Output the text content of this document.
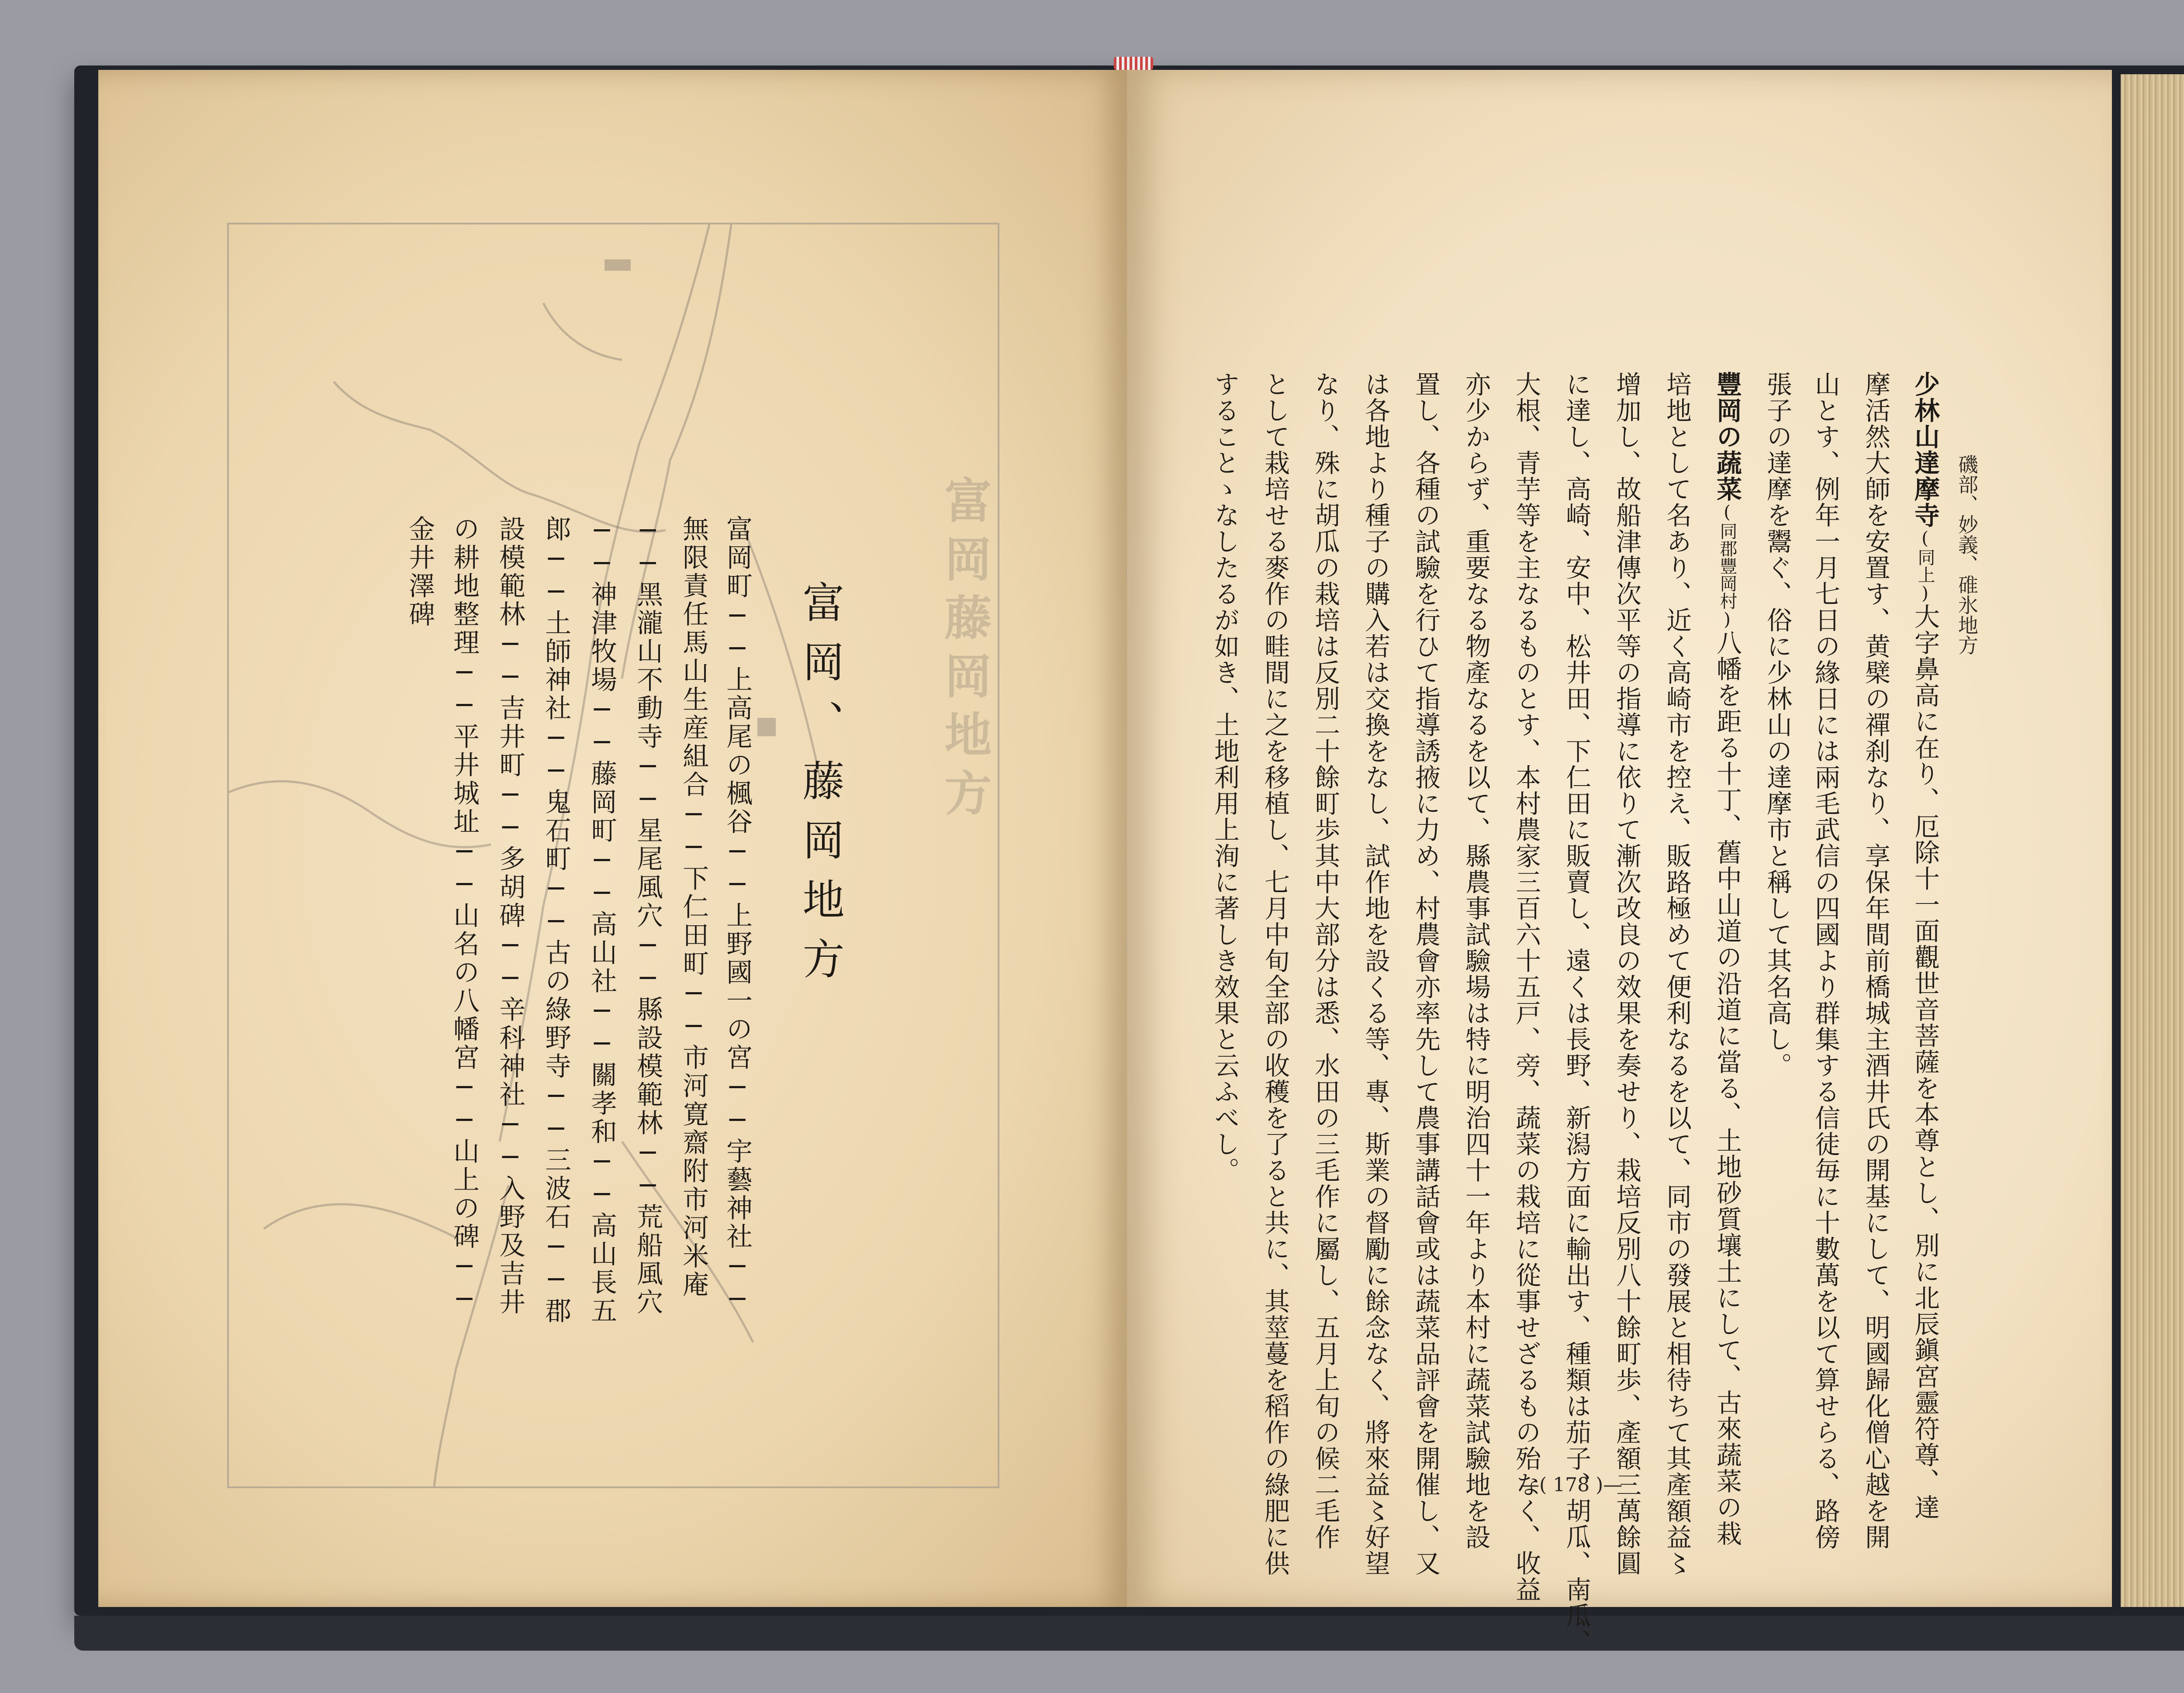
富岡藤岡地方
富岡、藤岡地方
富岡町──上高尾の楓谷──上野國一の宮──宇藝神社──
無限責任馬山生産組合──下仁田町──市河寛齋附市河米庵
──黑瀧山不動寺──星尾風穴──縣設模範林──荒船風穴
──神津牧場──藤岡町──高山社──關孝和──高山長五
郎──土師神社──鬼石町──古の綠野寺──三波石──郡
設模範林──吉井町──多胡碑──辛科神社──入野及吉井
の耕地整理──平井城址──山名の八幡宮──山上の碑──
金井澤碑	磯部、妙義、碓氷地方
少林山達摩寺(同上)大字鼻高に在り、厄除十一面觀世音菩薩を本尊とし、別に北辰鎭宮靈符尊、達
摩活然大師を安置す、黄檗の禪刹なり、享保年間前橋城主酒井氏の開基にして、明國歸化僧心越を開
山とす、例年一月七日の緣日には兩毛武信の四國より群集する信徒毎に十數萬を以て算せらる、路傍
張子の達摩を鬻ぐ、俗に少林山の達摩市と稱して其名高し。
豐岡の蔬菜(同郡豐岡村)八幡を距る十丁、舊中山道の沿道に當る、土地砂質壤土にして、古來蔬菜の栽
培地として名あり、近く高崎市を控え、販路極めて便利なるを以て、同市の發展と相待ちて其產額益〻
增加し、故船津傳次平等の指導に依りて漸次改良の效果を奏せり、栽培反別八十餘町歩、產額三萬餘圓
に達し、高崎、安中、松井田、下仁田に販賣し、遠くは長野、新潟方面に輸出す、種類は茄子、胡瓜、南瓜、
大根、青芋等を主なるものとす、本村農家三百六十五戸、旁、蔬菜の栽培に從事せざるもの殆なく、收益
亦少からず、重要なる物產なるを以て、縣農事試驗場は特に明治四十一年より本村に蔬菜試驗地を設
置し、各種の試驗を行ひて指導誘掖に力め、村農會亦率先して農事講話會或は蔬菜品評會を開催し、又
は各地より種子の購入若は交換をなし、試作地を設くる等、專、斯業の督勵に餘念なく、將來益〻好望
なり、殊に胡瓜の栽培は反別二十餘町歩其中大部分は悉、水田の三毛作に屬し、五月上旬の候二毛作
として栽培せる麥作の畦間に之を移植し、七月中旬全部の收穫を了ると共に、其莖蔓を稻作の綠肥に供
することゝなしたるが如き、土地利用上洵に著しき效果と云ふべし。
—( 178 )—
